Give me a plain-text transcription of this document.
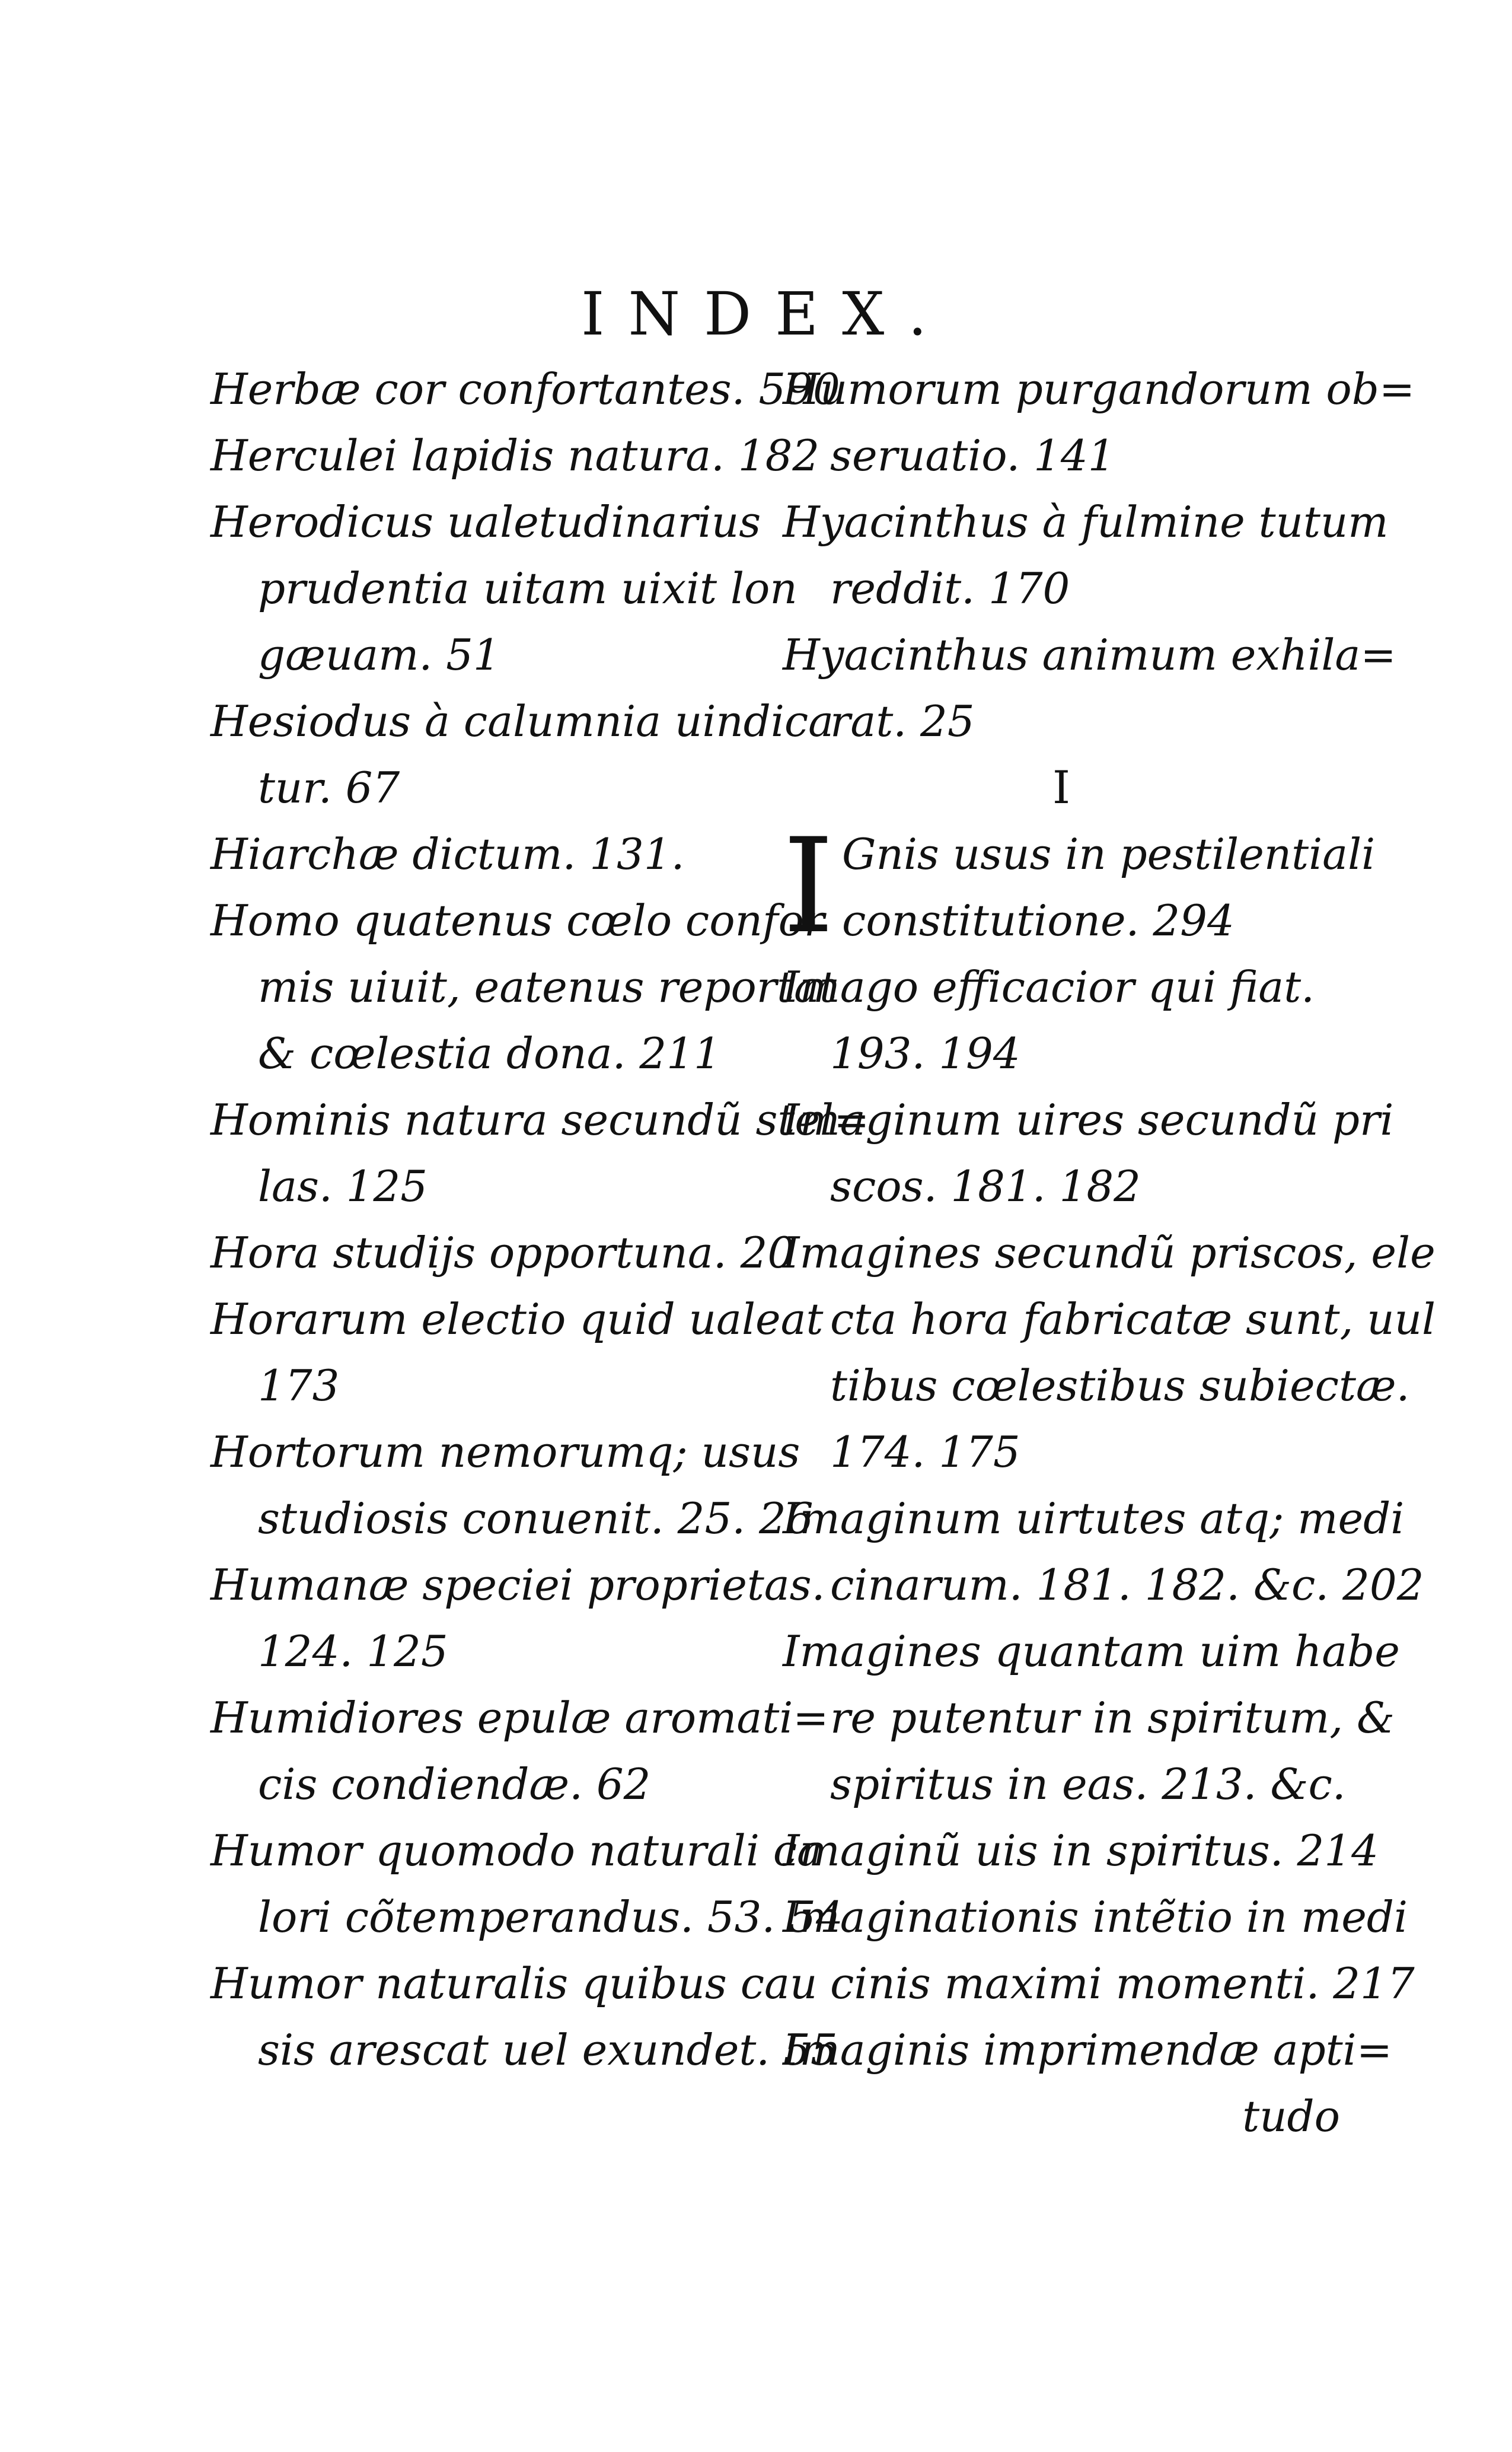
INDEX.
Herbæ cor confortantes. 590
Herculei lapidis natura. 182
Herodicus ualetudinarius
prudentia uitam uixit lon
gæuam. 51
Hesiodus à calumnia uindica
tur. 67
Hiarchæ dictum. 131.
Homo quatenus cœlo confor
mis uiuit, eatenus reportat
& cœlestia dona. 211
Hominis natura secundũ stel=
las. 125
Hora studijs opportuna. 20
Horarum electio quid ualeat
173
Hortorum nemorumq; usus
studiosis conuenit. 25. 26
Humanæ speciei proprietas.
124. 125
Humidiores epulæ aromati=
cis condiendæ. 62
Humor quomodo naturali ca
lori cõtemperandus. 53. 54
Humor naturalis quibus cau
sis arescat uel exundet. 55
Humorum purgandorum ob=
seruatio. 141
Hyacinthus à fulmine tutum
reddit. 170
Hyacinthus animum exhila=
rat. 25
I
I Gnis usus in pestilentiali
constitutione. 294
Imago efficacior qui fiat.
193. 194
Imaginum uires secundũ pri
scos. 181. 182
Imagines secundũ priscos, ele
cta hora fabricatæ sunt, uul
tibus cœlestibus subiectæ.
174. 175
Imaginum uirtutes atq; medi
cinarum. 181. 182. &c. 202
Imagines quantam uim habe
re putentur in spiritum, &
spiritus in eas. 213. &c.
Imaginũ uis in spiritus. 214
Imaginationis intẽtio in medi
cinis maximi momenti. 217
Imaginis imprimendæ apti=
tudo
